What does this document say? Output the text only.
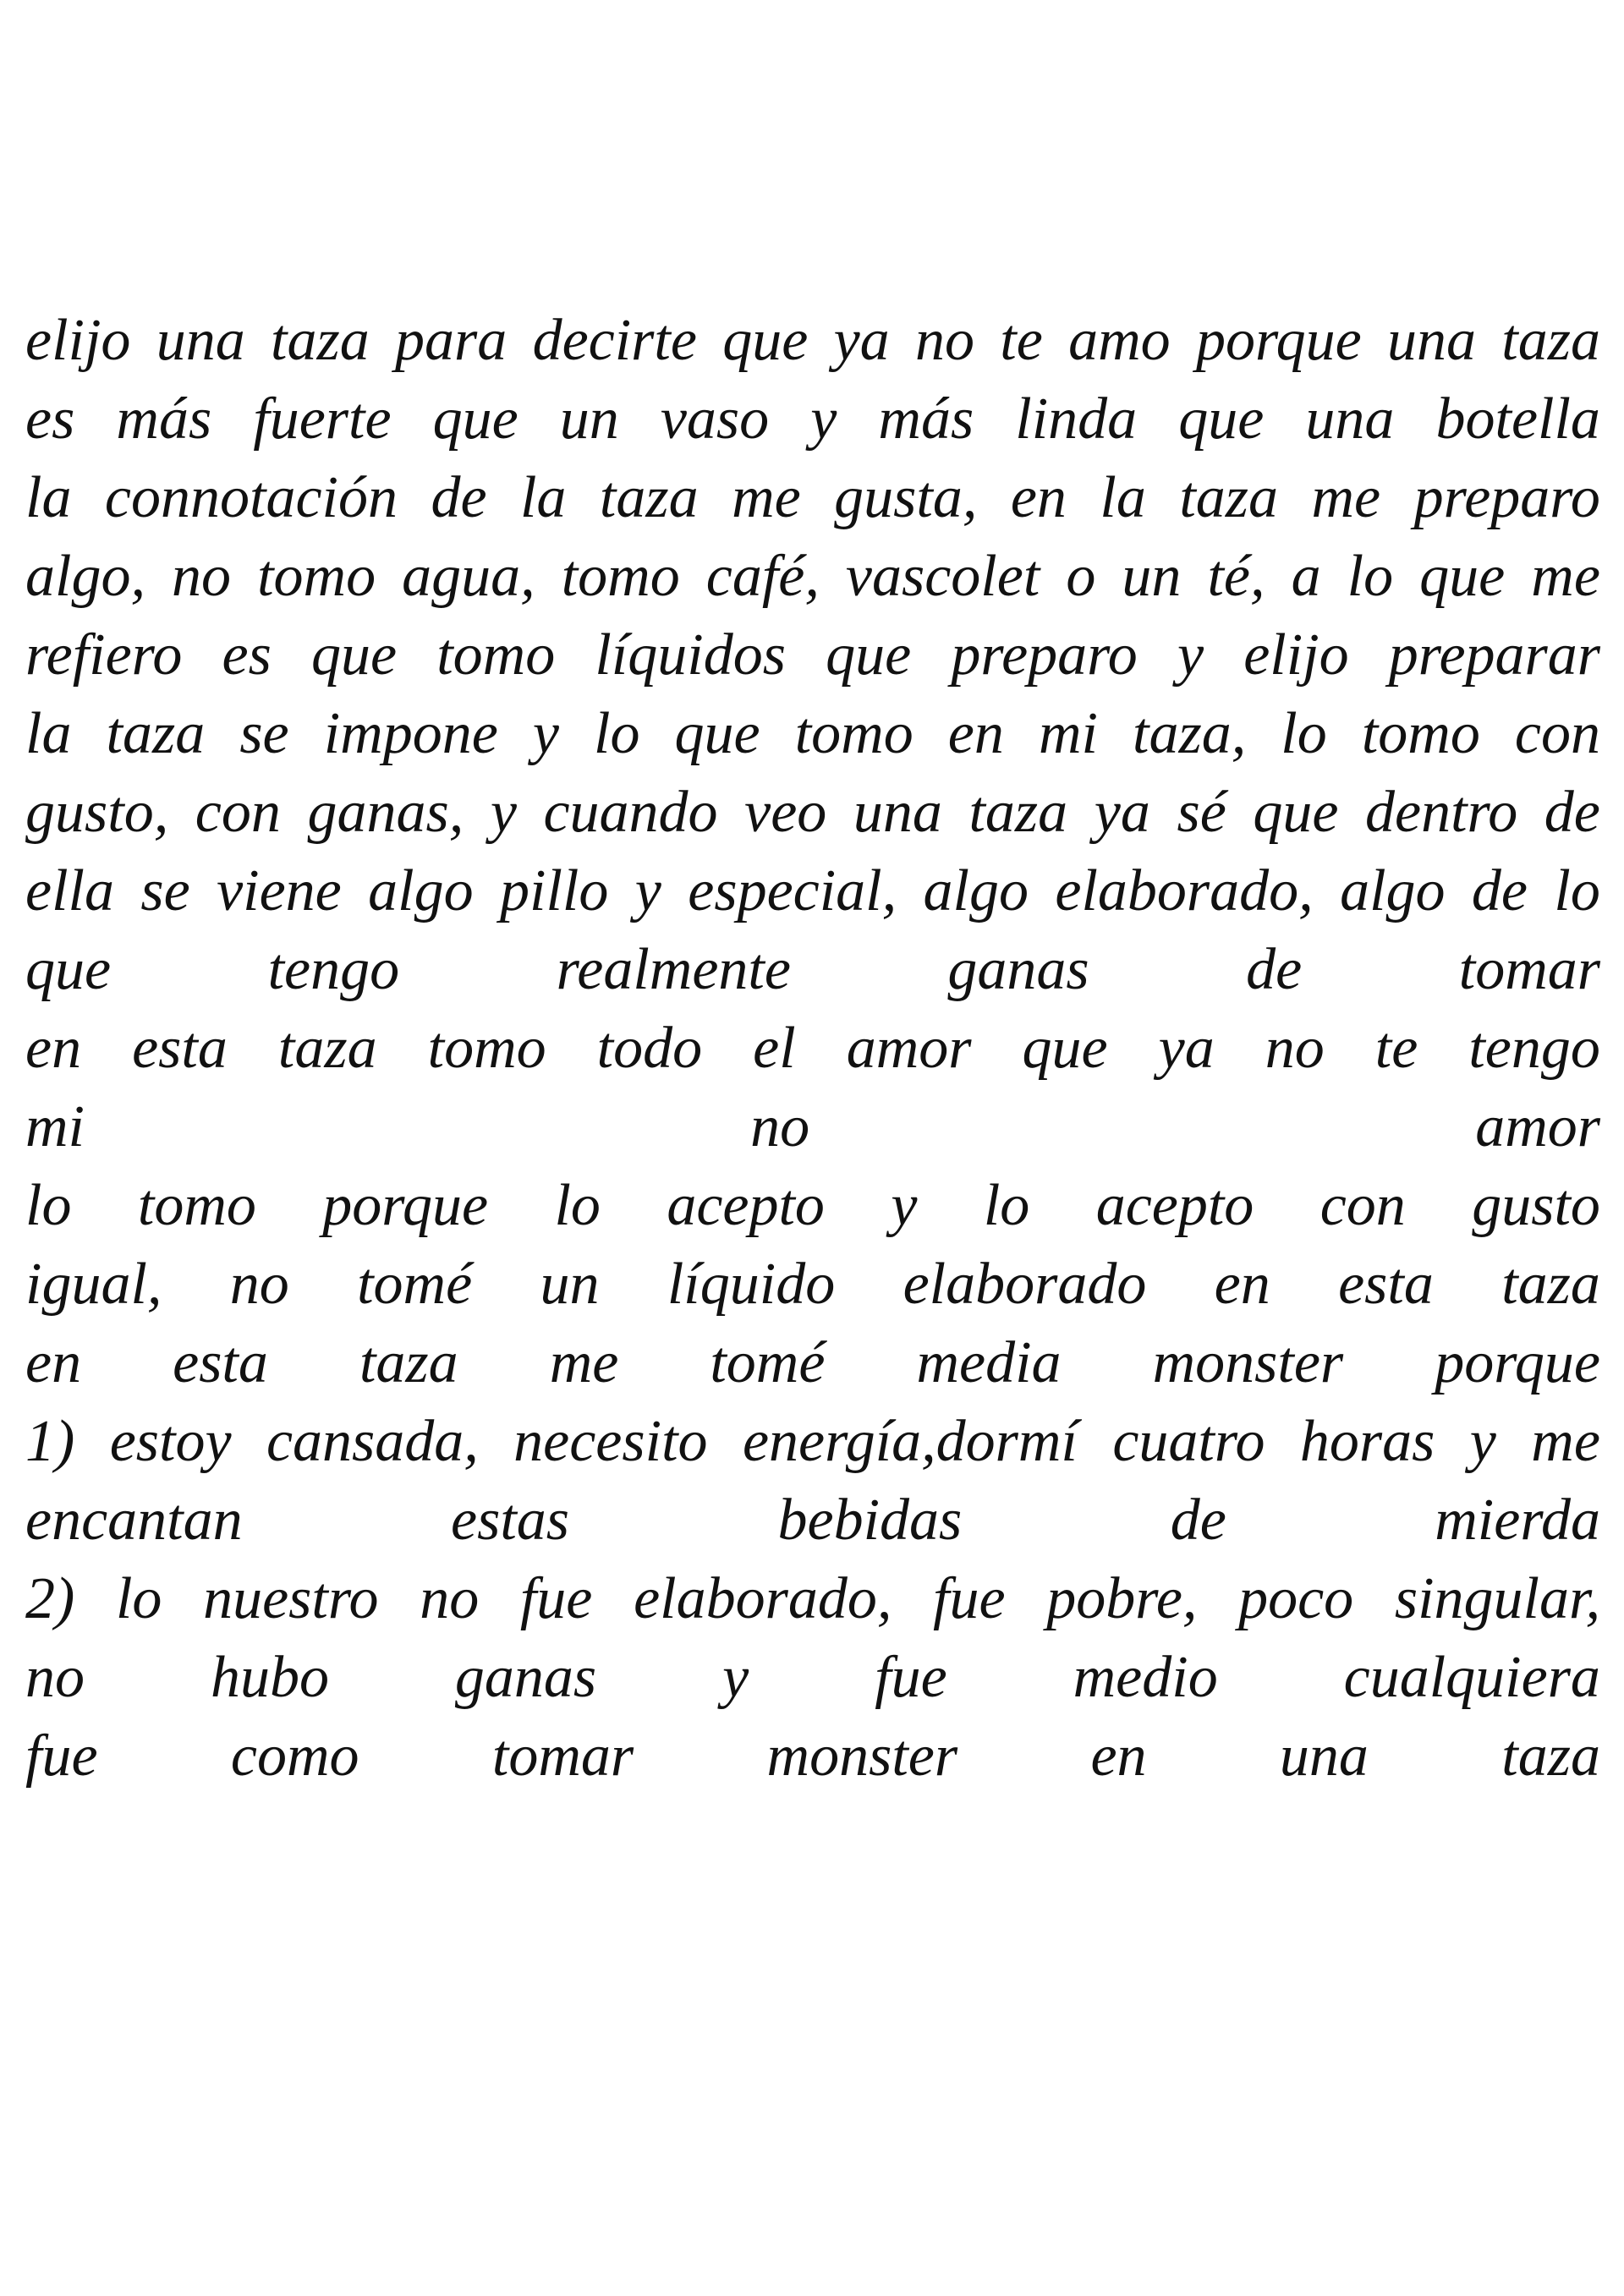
elijo una taza para decirte que ya no te amo porque una taza
es más fuerte que un vaso y más linda que una botella
la connotación de la taza me gusta, en la taza me preparo
algo, no tomo agua, tomo café, vascolet o un té, a lo que me
refiero es que tomo líquidos que preparo y elijo preparar
la taza se impone y lo que tomo en mi taza, lo tomo con
gusto, con ganas, y cuando veo una taza ya sé que dentro de
ella se viene algo pillo y especial, algo elaborado, algo de lo
que	tengo	realmente	ganas	de	tomar
en esta taza tomo todo el amor que ya no te tengo
mi	no	amor
lo tomo porque lo acepto y lo acepto con gusto
igual, no tomé un líquido elaborado en esta taza
en esta taza me tomé media monster porque
1) estoy cansada, necesito energía,dormí cuatro horas y me
encantan	estas	bebidas	de	mierda
2) lo nuestro no fue elaborado, fue pobre, poco singular,
no hubo ganas y fue medio cualquiera
fue como tomar monster en una taza
